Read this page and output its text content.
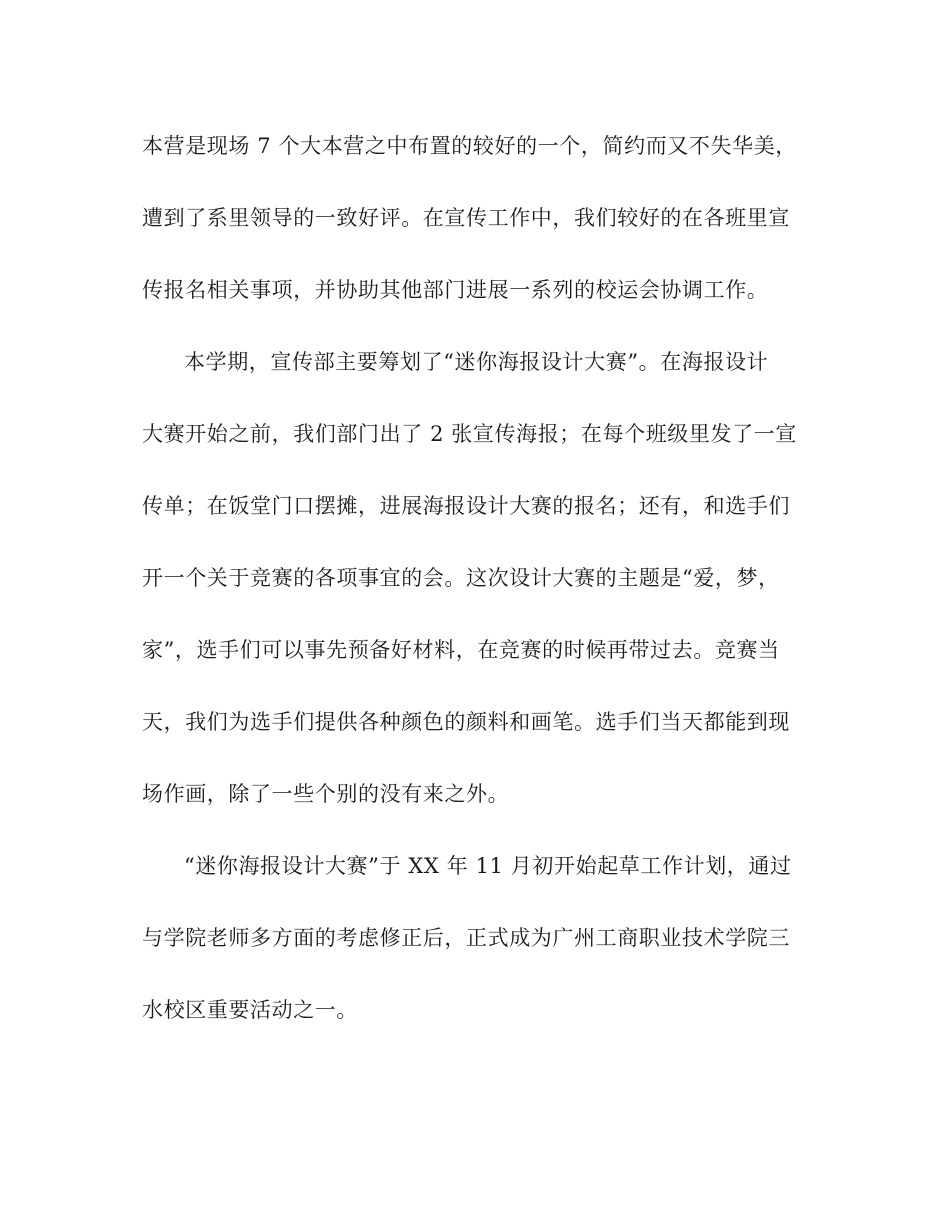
本营是现场 7 个大本营之中布置的较好的一个，简约而又不失华美，
遭到了系里领导的一致好评。在宣传工作中，我们较好的在各班里宣
传报名相关事项，并协助其他部门进展一系列的校运会协调工作。
本学期，宣传部主要筹划了“迷你海报设计大赛”。在海报设计
大赛开始之前，我们部门出了 2 张宣传海报；在每个班级里发了一宣
传单；在饭堂门口摆摊，进展海报设计大赛的报名；还有，和选手们
开一个关于竞赛的各项事宜的会。这次设计大赛的主题是“爱，梦，
家”，选手们可以事先预备好材料，在竞赛的时候再带过去。竞赛当
天，我们为选手们提供各种颜色的颜料和画笔。选手们当天都能到现
场作画，除了一些个别的没有来之外。
“迷你海报设计大赛”于 XX 年 11 月初开始起草工作计划，通过
与学院老师多方面的考虑修正后，正式成为广州工商职业技术学院三
水校区重要活动之一。
